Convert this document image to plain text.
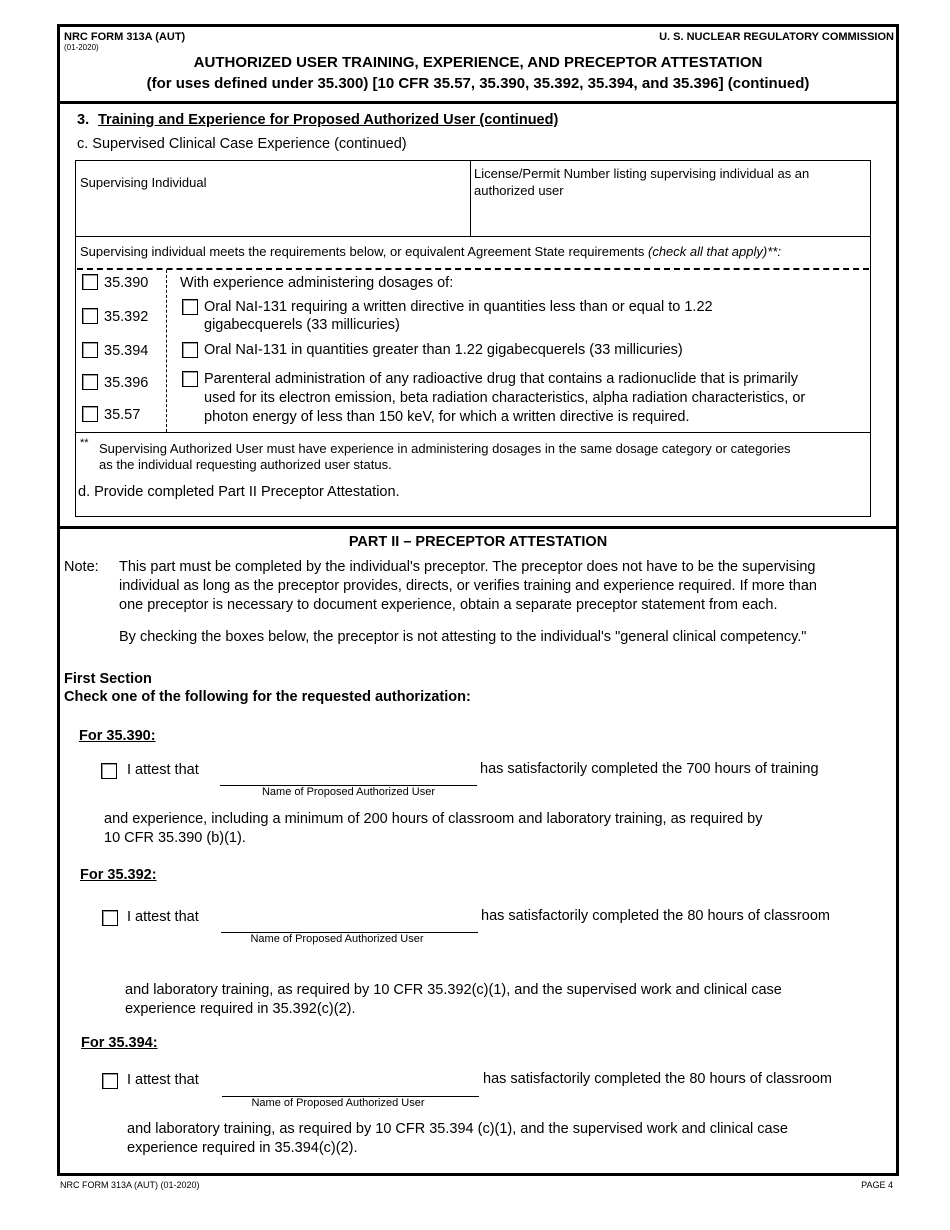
NRC FORM 313A (AUT)
(01-2020)
U. S. NUCLEAR REGULATORY COMMISSION
AUTHORIZED USER TRAINING, EXPERIENCE, AND PRECEPTOR ATTESTATION
(for uses defined under 35.300) [10 CFR 35.57, 35.390, 35.392, 35.394, and 35.396] (continued)
3. Training and Experience for Proposed Authorized User (continued)
c. Supervised Clinical Case Experience (continued)
Supervising Individual
License/Permit Number listing supervising individual as an
authorized user
Supervising individual meets the requirements below, or equivalent Agreement State requirements (check all that apply)**:
35.390
35.392
35.394
35.396
35.57
With experience administering dosages of:
Oral NaI-131 requiring a written directive in quantities less than or equal to 1.22
gigabecquerels (33 millicuries)
Oral NaI-131 in quantities greater than 1.22 gigabecquerels (33 millicuries)
Parenteral administration of any radioactive drug that contains a radionuclide that is primarily
used for its electron emission, beta radiation characteristics, alpha radiation characteristics, or
photon energy of less than 150 keV, for which a written directive is required.
** Supervising Authorized User must have experience in administering dosages in the same dosage category or categories
as the individual requesting authorized user status.
d. Provide completed Part II Preceptor Attestation.
PART II – PRECEPTOR ATTESTATION
Note: This part must be completed by the individual's preceptor. The preceptor does not have to be the supervising
individual as long as the preceptor provides, directs, or verifies training and experience required. If more than
one preceptor is necessary to document experience, obtain a separate preceptor statement from each.
By checking the boxes below, the preceptor is not attesting to the individual's "general clinical competency."
First Section
Check one of the following for the requested authorization:
For 35.390:
I attest that
Name of Proposed Authorized User
has satisfactorily completed the 700 hours of training
and experience, including a minimum of 200 hours of classroom and laboratory training, as required by
10 CFR 35.390 (b)(1).
For 35.392:
I attest that
Name of Proposed Authorized User
has satisfactorily completed the 80 hours of classroom
and laboratory training, as required by 10 CFR 35.392(c)(1), and the supervised work and clinical case
experience required in 35.392(c)(2).
For 35.394:
I attest that
Name of Proposed Authorized User
has satisfactorily completed the 80 hours of classroom
and laboratory training, as required by 10 CFR 35.394 (c)(1), and the supervised work and clinical case
experience required in 35.394(c)(2).
NRC FORM 313A (AUT) (01-2020)	PAGE 4
